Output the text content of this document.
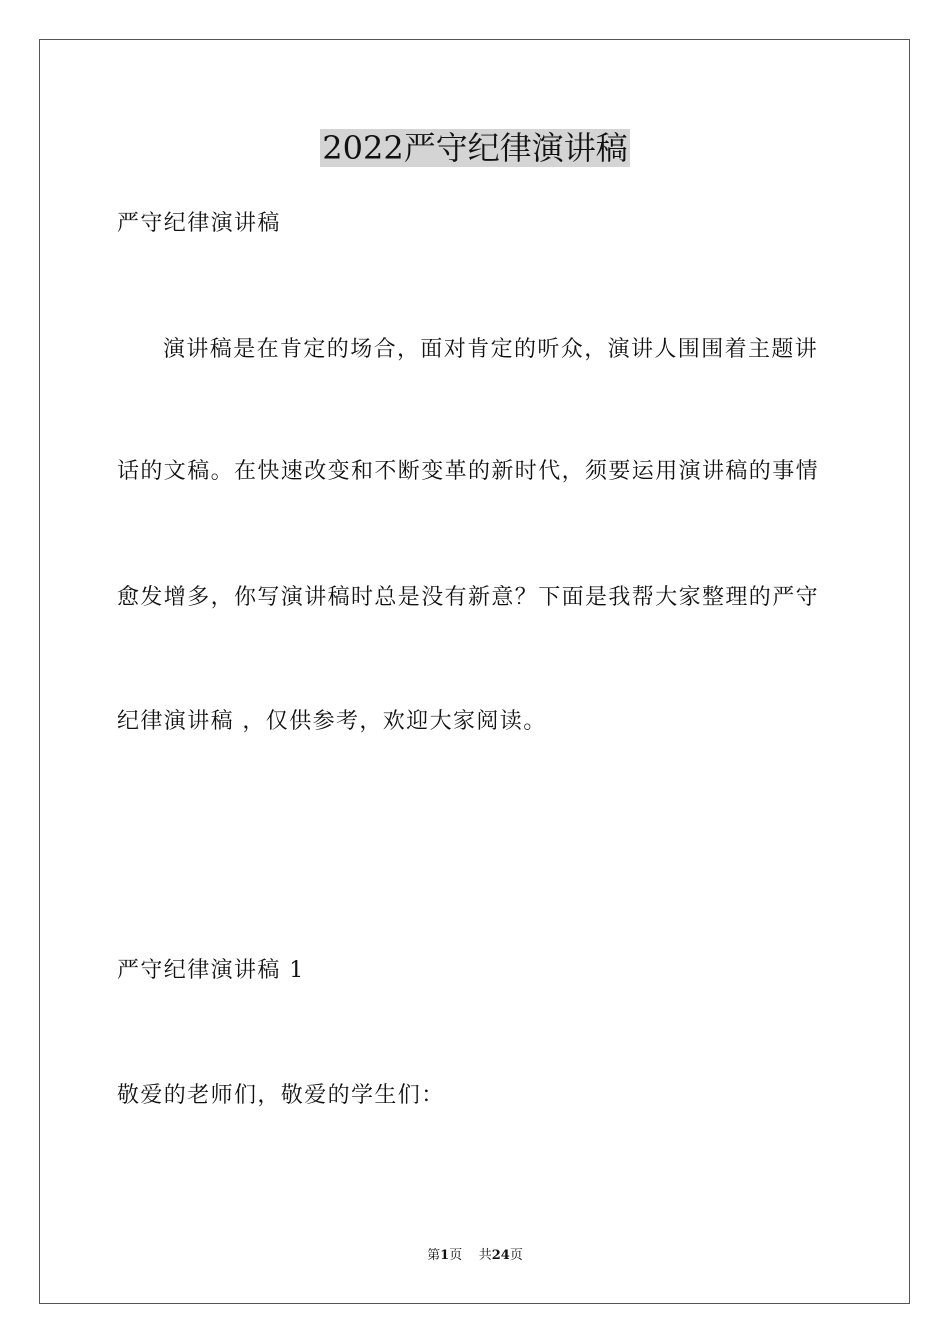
2022严守纪律演讲稿
严守纪律演讲稿
演讲稿是在肯定的场合，面对肯定的听众，演讲人围围着主题讲
话的文稿。在快速改变和不断变革的新时代，须要运用演讲稿的事情
愈发增多，你写演讲稿时总是没有新意？下面是我帮大家整理的严守
纪律演讲稿 ，仅供参考，欢迎大家阅读。
严守纪律演讲稿 1
敬爱的老师们，敬爱的学生们：
第1页 共24页
